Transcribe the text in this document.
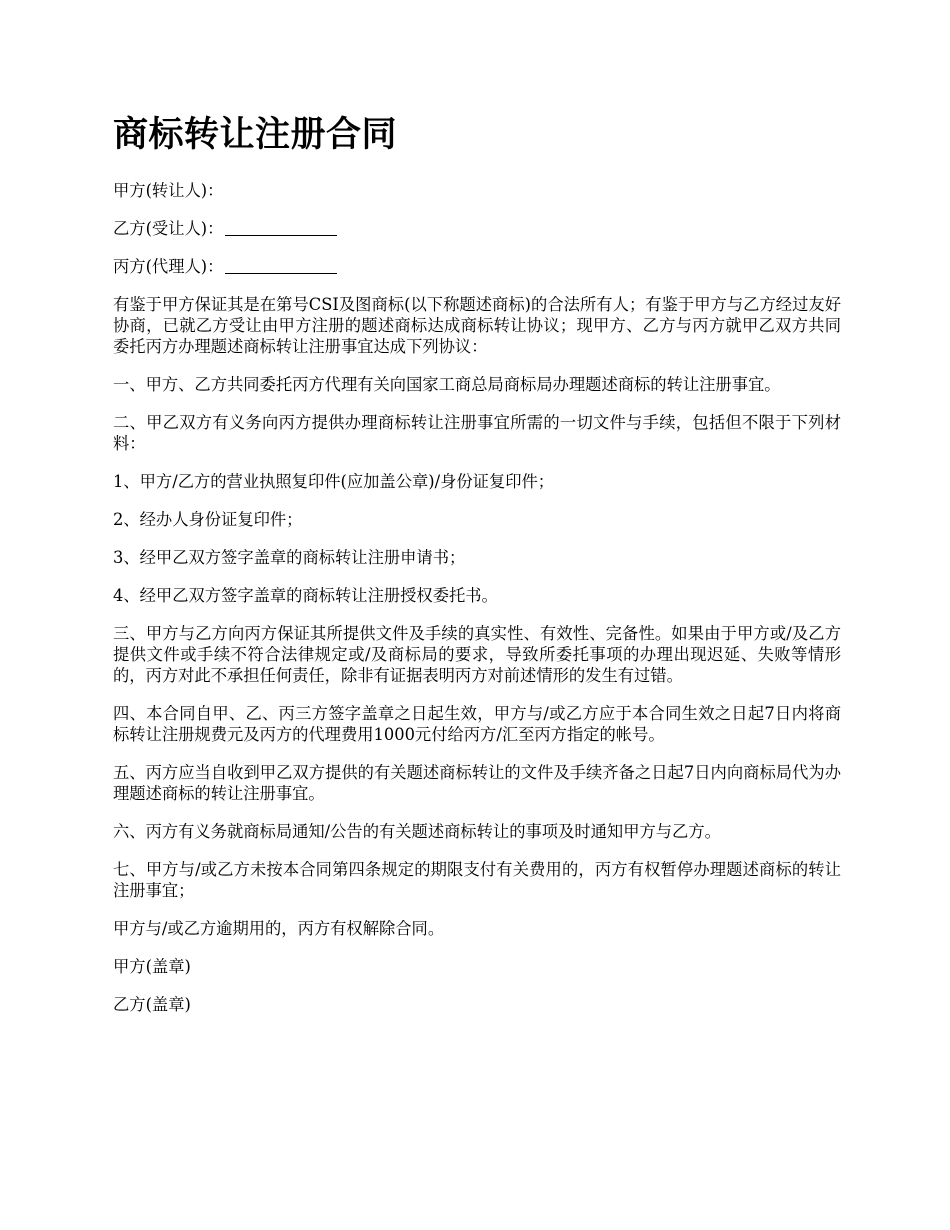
商标转让注册合同

甲方(转让人)：

乙方(受让人)：

丙方(代理人)：

有鉴于甲方保证其是在第号CSI及图商标(以下称题述商标)的合法所有人；有鉴于甲方与乙方经过友好协商，已就乙方受让由甲方注册的题述商标达成商标转让协议；现甲方、乙方与丙方就甲乙双方共同委托丙方办理题述商标转让注册事宜达成下列协议：

一、甲方、乙方共同委托丙方代理有关向国家工商总局商标局办理题述商标的转让注册事宜。

二、甲乙双方有义务向丙方提供办理商标转让注册事宜所需的一切文件与手续，包括但不限于下列材料：

1、甲方/乙方的营业执照复印件(应加盖公章)/身份证复印件；

2、经办人身份证复印件；

3、经甲乙双方签字盖章的商标转让注册申请书；

4、经甲乙双方签字盖章的商标转让注册授权委托书。

三、甲方与乙方向丙方保证其所提供文件及手续的真实性、有效性、完备性。如果由于甲方或/及乙方提供文件或手续不符合法律规定或/及商标局的要求，导致所委托事项的办理出现迟延、失败等情形的，丙方对此不承担任何责任，除非有证据表明丙方对前述情形的发生有过错。

四、本合同自甲、乙、丙三方签字盖章之日起生效，甲方与/或乙方应于本合同生效之日起7日内将商标转让注册规费元及丙方的代理费用1000元付给丙方/汇至丙方指定的帐号。

五、丙方应当自收到甲乙双方提供的有关题述商标转让的文件及手续齐备之日起7日内向商标局代为办理题述商标的转让注册事宜。

六、丙方有义务就商标局通知/公告的有关题述商标转让的事项及时通知甲方与乙方。

七、甲方与/或乙方未按本合同第四条规定的期限支付有关费用的，丙方有权暂停办理题述商标的转让注册事宜；

甲方与/或乙方逾期用的，丙方有权解除合同。

甲方(盖章)

乙方(盖章)
